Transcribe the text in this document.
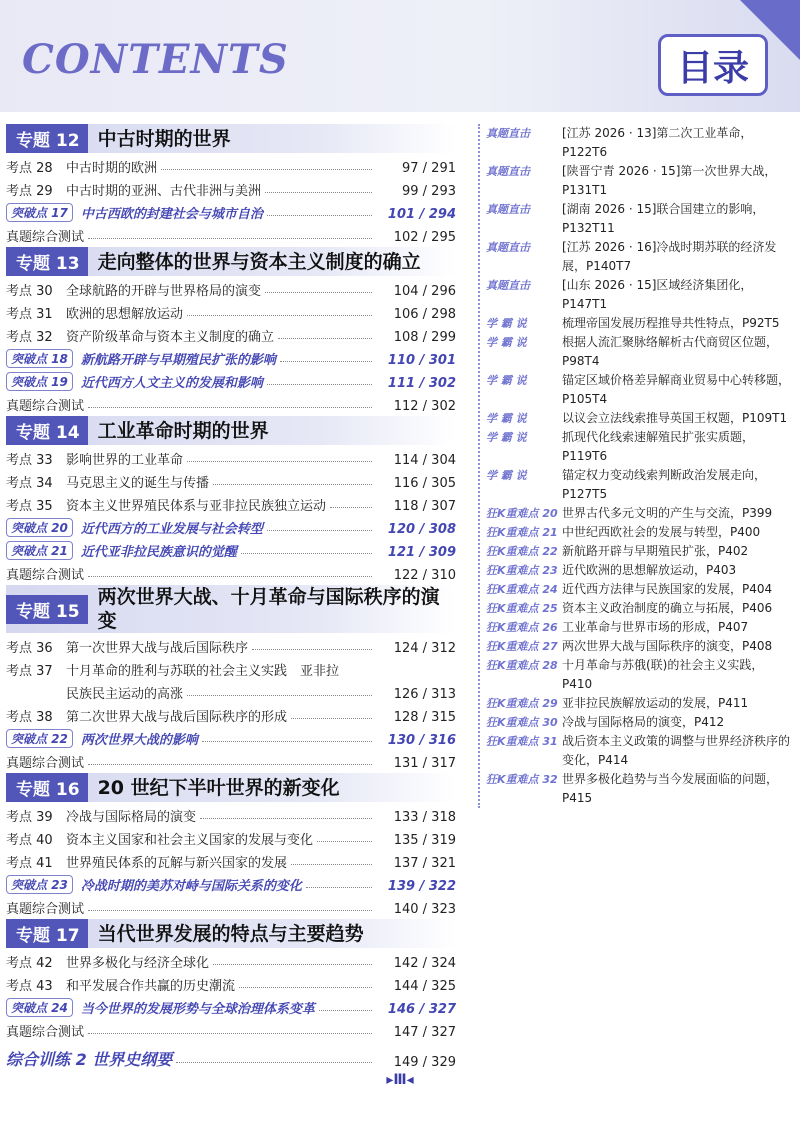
CONTENTS	目录
专题 12 中古时期的世界
考点 28	中古时期的欧洲	97 / 291
考点 29	中古时期的亚洲、古代非洲与美洲	99 / 293
突破点 17	中古西欧的封建社会与城市自治	101 / 294
真题综合测试	102 / 295
专题 13 走向整体的世界与资本主义制度的确立
考点 30	全球航路的开辟与世界格局的演变	104 / 296
考点 31	欧洲的思想解放运动	106 / 298
考点 32	资产阶级革命与资本主义制度的确立	108 / 299
突破点 18	新航路开辟与早期殖民扩张的影响	110 / 301
突破点 19	近代西方人文主义的发展和影响	111 / 302
真题综合测试	112 / 302
专题 14 工业革命时期的世界
考点 33	影响世界的工业革命	114 / 304
考点 34	马克思主义的诞生与传播	116 / 305
考点 35	资本主义世界殖民体系与亚非拉民族独立运动	118 / 307
突破点 20	近代西方的工业发展与社会转型	120 / 308
突破点 21	近代亚非拉民族意识的觉醒	121 / 309
真题综合测试	122 / 310
专题 15
两次世界大战、十月革命与国际秩序的演变
考点 36	第一次世界大战与战后国际秩序	124 / 312
考点 37	十月革命的胜利与苏联的社会主义实践　亚非拉
民族民主运动的高涨	126 / 313
考点 38	第二次世界大战与战后国际秩序的形成	128 / 315
突破点 22	两次世界大战的影响	130 / 316
真题综合测试	131 / 317
专题 16 20 世纪下半叶世界的新变化
考点 39	冷战与国际格局的演变	133 / 318
考点 40	资本主义国家和社会主义国家的发展与变化	135 / 319
考点 41	世界殖民体系的瓦解与新兴国家的发展	137 / 321
突破点 23	冷战时期的美苏对峙与国际关系的变化	139 / 322
真题综合测试	140 / 323
专题 17 当代世界发展的特点与主要趋势
考点 42	世界多极化与经济全球化	142 / 324
考点 43	和平发展合作共赢的历史潮流	144 / 325
突破点 24	当今世界的发展形势与全球治理体系变革	146 / 327
真题综合测试	147 / 327
综合训练 2 世界史纲要	149 / 329
真题直击	[江苏 2026 · 13]第二次工业革命，P122T6
真题直击	[陕晋宁青 2026 · 15]第一次世界大战，P131T1
真题直击	[湖南 2026 · 15]联合国建立的影响，P132T11
真题直击	[江苏 2026 · 16]冷战时期苏联的经济发展，P140T7
真题直击	[山东 2026 · 15]区域经济集团化，P147T1
学 霸 说	梳理帝国发展历程推导共性特点，P92T5
学 霸 说	根据人流汇聚脉络解析古代商贸区位题，P98T4
学 霸 说	锚定区域价格差异解商业贸易中心转移题，P105T4
学 霸 说	以议会立法线索推导英国王权题，P109T1
学 霸 说	抓现代化线索速解殖民扩张实质题，P119T6
学 霸 说	锚定权力变动线索判断政治发展走向，P127T5
狂K重难点 20 世界古代多元文明的产生与交流，P399
狂K重难点 21 中世纪西欧社会的发展与转型，P400
狂K重难点 22 新航路开辟与早期殖民扩张，P402
狂K重难点 23 近代欧洲的思想解放运动，P403
狂K重难点 24 近代西方法律与民族国家的发展，P404
狂K重难点 25 资本主义政治制度的确立与拓展，P406
狂K重难点 26 工业革命与世界市场的形成，P407
狂K重难点 27 两次世界大战与国际秩序的演变，P408
狂K重难点 28 十月革命与苏俄(联)的社会主义实践，P410
狂K重难点 29 亚非拉民族解放运动的发展，P411
狂K重难点 30 冷战与国际格局的演变，P412
狂K重难点 31 战后资本主义政策的调整与世界经济秩序的变化，P414
狂K重难点 32 世界多极化趋势与当今发展面临的问题，P415
▸Ⅲ◂
